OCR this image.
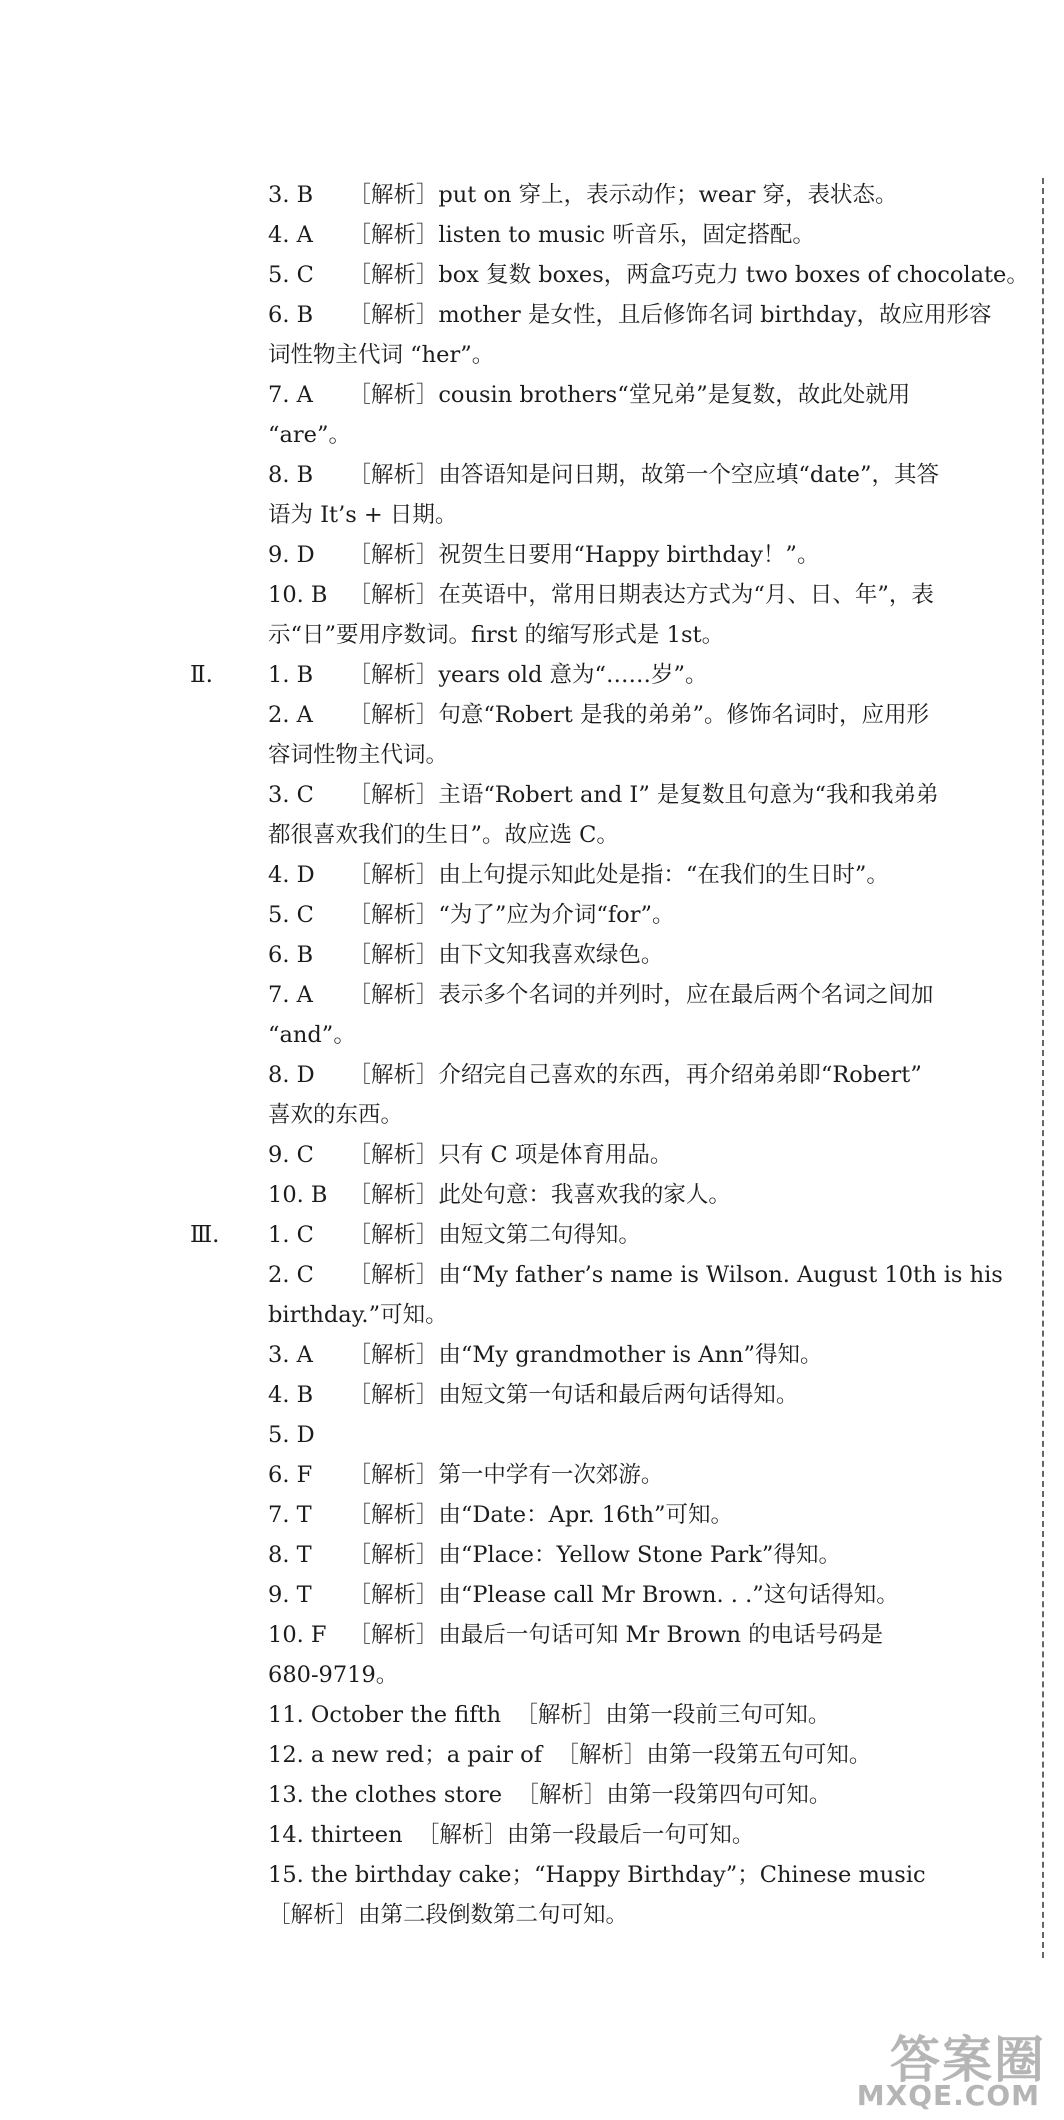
3. B ［解析］put on 穿上，表示动作；wear 穿，表状态。
4. A ［解析］listen to music 听音乐，固定搭配。
5. C ［解析］box 复数 boxes，两盒巧克力 two boxes of chocolate。
6. B ［解析］mother 是女性，且后修饰名词 birthday，故应用形容
词性物主代词 “her”。
7. A ［解析］cousin brothers“堂兄弟”是复数，故此处就用
“are”。
8. B ［解析］由答语知是问日期，故第一个空应填“date”，其答
语为 It’s + 日期。
9. D ［解析］祝贺生日要用“Happy birthday！”。
10. B ［解析］在英语中，常用日期表达方式为“月、日、年”，表
示“日”要用序数词。first 的缩写形式是 1st。
Ⅱ. 1. B ［解析］years old 意为“……岁”。
2. A ［解析］句意“Robert 是我的弟弟”。修饰名词时，应用形
容词性物主代词。
3. C ［解析］主语“Robert and I” 是复数且句意为“我和我弟弟
都很喜欢我们的生日”。故应选 C。
4. D ［解析］由上句提示知此处是指：“在我们的生日时”。
5. C ［解析］“为了”应为介词“for”。
6. B ［解析］由下文知我喜欢绿色。
7. A ［解析］表示多个名词的并列时，应在最后两个名词之间加
“and”。
8. D ［解析］介绍完自己喜欢的东西，再介绍弟弟即“Robert”
喜欢的东西。
9. C ［解析］只有 C 项是体育用品。
10. B ［解析］此处句意：我喜欢我的家人。
Ⅲ. 1. C ［解析］由短文第二句得知。
2. C ［解析］由“My father’s name is Wilson. August 10th is his
birthday.”可知。
3. A ［解析］由“My grandmother is Ann”得知。
4. B ［解析］由短文第一句话和最后两句话得知。
5. D
6. F ［解析］第一中学有一次郊游。
7. T ［解析］由“Date：Apr. 16th”可知。
8. T ［解析］由“Place：Yellow Stone Park”得知。
9. T ［解析］由“Please call Mr Brown. . .”这句话得知。
10. F ［解析］由最后一句话可知 Mr Brown 的电话号码是
680-9719。
11. October the fifth ［解析］由第一段前三句可知。
12. a new red；a pair of ［解析］由第一段第五句可知。
13. the clothes store ［解析］由第一段第四句可知。
14. thirteen ［解析］由第一段最后一句可知。
15. the birthday cake；“Happy Birthday”；Chinese music
［解析］由第二段倒数第二句可知。
答案圈
MXQE.COM
